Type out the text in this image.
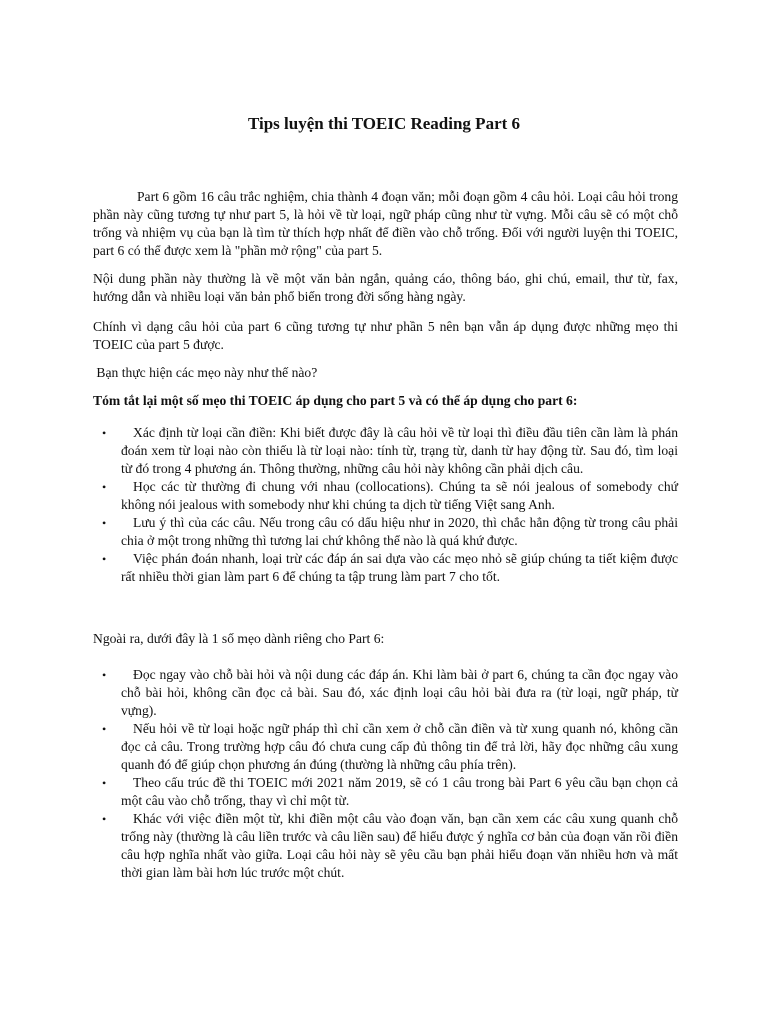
Tips luyện thi TOEIC Reading Part 6

Part 6 gồm 16 câu trắc nghiệm, chia thành 4 đoạn văn; mỗi đoạn gồm 4 câu hỏi. Loại câu hỏi trong phần này cũng tương tự như part 5, là hỏi về từ loại, ngữ pháp cũng như từ vựng. Mỗi câu sẽ có một chỗ trống và nhiệm vụ của bạn là tìm từ thích hợp nhất để điền vào chỗ trống. Đối với người luyện thi TOEIC, part 6 có thể được xem là "phần mở rộng" của part 5.

Nội dung phần này thường là về một văn bản ngắn, quảng cáo, thông báo, ghi chú, email, thư từ, fax, hướng dẫn và nhiều loại văn bản phổ biến trong đời sống hàng ngày.

Chính vì dạng câu hỏi của part 6 cũng tương tự như phần 5 nên bạn vẫn áp dụng được những mẹo thi TOEIC của part 5 được.

Bạn thực hiện các mẹo này như thế nào?

Tóm tắt lại một số mẹo thi TOEIC áp dụng cho part 5 và có thể áp dụng cho part 6:

•	Xác định từ loại cần điền: Khi biết được đây là câu hỏi về từ loại thì điều đầu tiên cần làm là phán đoán xem từ loại nào còn thiếu là từ loại nào: tính từ, trạng từ, danh từ hay động từ. Sau đó, tìm loại từ đó trong 4 phương án. Thông thường, những câu hỏi này không cần phải dịch câu.
•	Học các từ thường đi chung với nhau (collocations). Chúng ta sẽ nói jealous of somebody chứ không nói jealous with somebody như khi chúng ta dịch từ tiếng Việt sang Anh.
•	Lưu ý thì của các câu. Nếu trong câu có dấu hiệu như in 2020, thì chắc hẳn động từ trong câu phải chia ở một trong những thì tương lai chứ không thể nào là quá khứ được.
•	Việc phán đoán nhanh, loại trừ các đáp án sai dựa vào các mẹo nhỏ sẽ giúp chúng ta tiết kiệm được rất nhiều thời gian làm part 6 để chúng ta tập trung làm part 7 cho tốt.

Ngoài ra, dưới đây là 1 số mẹo dành riêng cho Part 6:

•	Đọc ngay vào chỗ bài hỏi và nội dung các đáp án. Khi làm bài ở part 6, chúng ta cần đọc ngay vào chỗ bài hỏi, không cần đọc cả bài. Sau đó, xác định loại câu hỏi bài đưa ra (từ loại, ngữ pháp, từ vựng).
•	Nếu hỏi về từ loại hoặc ngữ pháp thì chỉ cần xem ở chỗ cần điền và từ xung quanh nó, không cần đọc cả câu. Trong trường hợp câu đó chưa cung cấp đủ thông tin để trả lời, hãy đọc những câu xung quanh đó để giúp chọn phương án đúng (thường là những câu phía trên).
•	Theo cấu trúc đề thi TOEIC mới 2021 năm 2019, sẽ có 1 câu trong bài Part 6 yêu cầu bạn chọn cả một câu vào chỗ trống, thay vì chỉ một từ.
•	Khác với việc điền một từ, khi điền một câu vào đoạn văn, bạn cần xem các câu xung quanh chỗ trống này (thường là câu liền trước và câu liền sau) để hiểu được ý nghĩa cơ bản của đoạn văn rồi điền câu hợp nghĩa nhất vào giữa. Loại câu hỏi này sẽ yêu cầu bạn phải hiểu đoạn văn nhiều hơn và mất thời gian làm bài hơn lúc trước một chút.
